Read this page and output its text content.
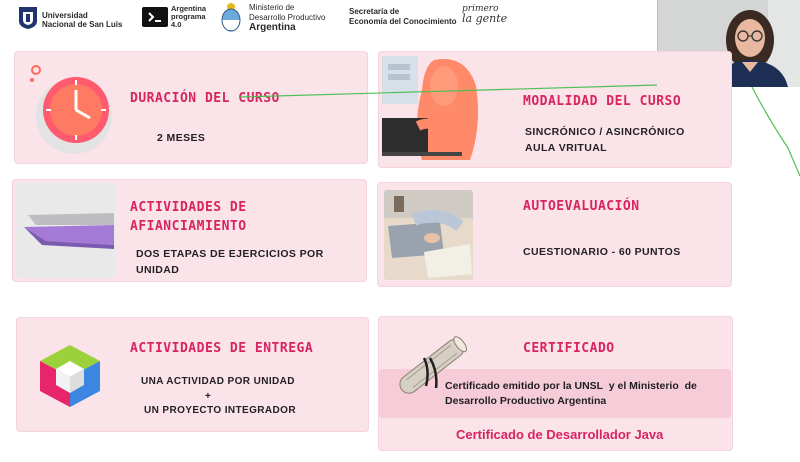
Universidad
Nacional de San Luis
Argentina
programa
4.0
Ministerio de
Desarrollo Productivo
Argentina
Secretaría de
Economía del Conocimiento
primero
la gente
DURACIÓN DEL CURSO
2 MESES
MODALIDAD DEL CURSO
SINCRÓNICO / ASINCRÓNICO
AULA VRITUAL
ACTIVIDADES DE
AFIANCIAMIENTO
DOS ETAPAS DE EJERCICIOS POR
UNIDAD
AUTOEVALUACIÓN
CUESTIONARIO - 60 PUNTOS
ACTIVIDADES DE ENTREGA
UNA ACTIVIDAD POR UNIDAD
+
UN PROYECTO INTEGRADOR
CERTIFICADO
Certificado emitido por la UNSL  y el Ministerio  de
Desarrollo Productivo Argentina
Certificado de Desarrollador Java
